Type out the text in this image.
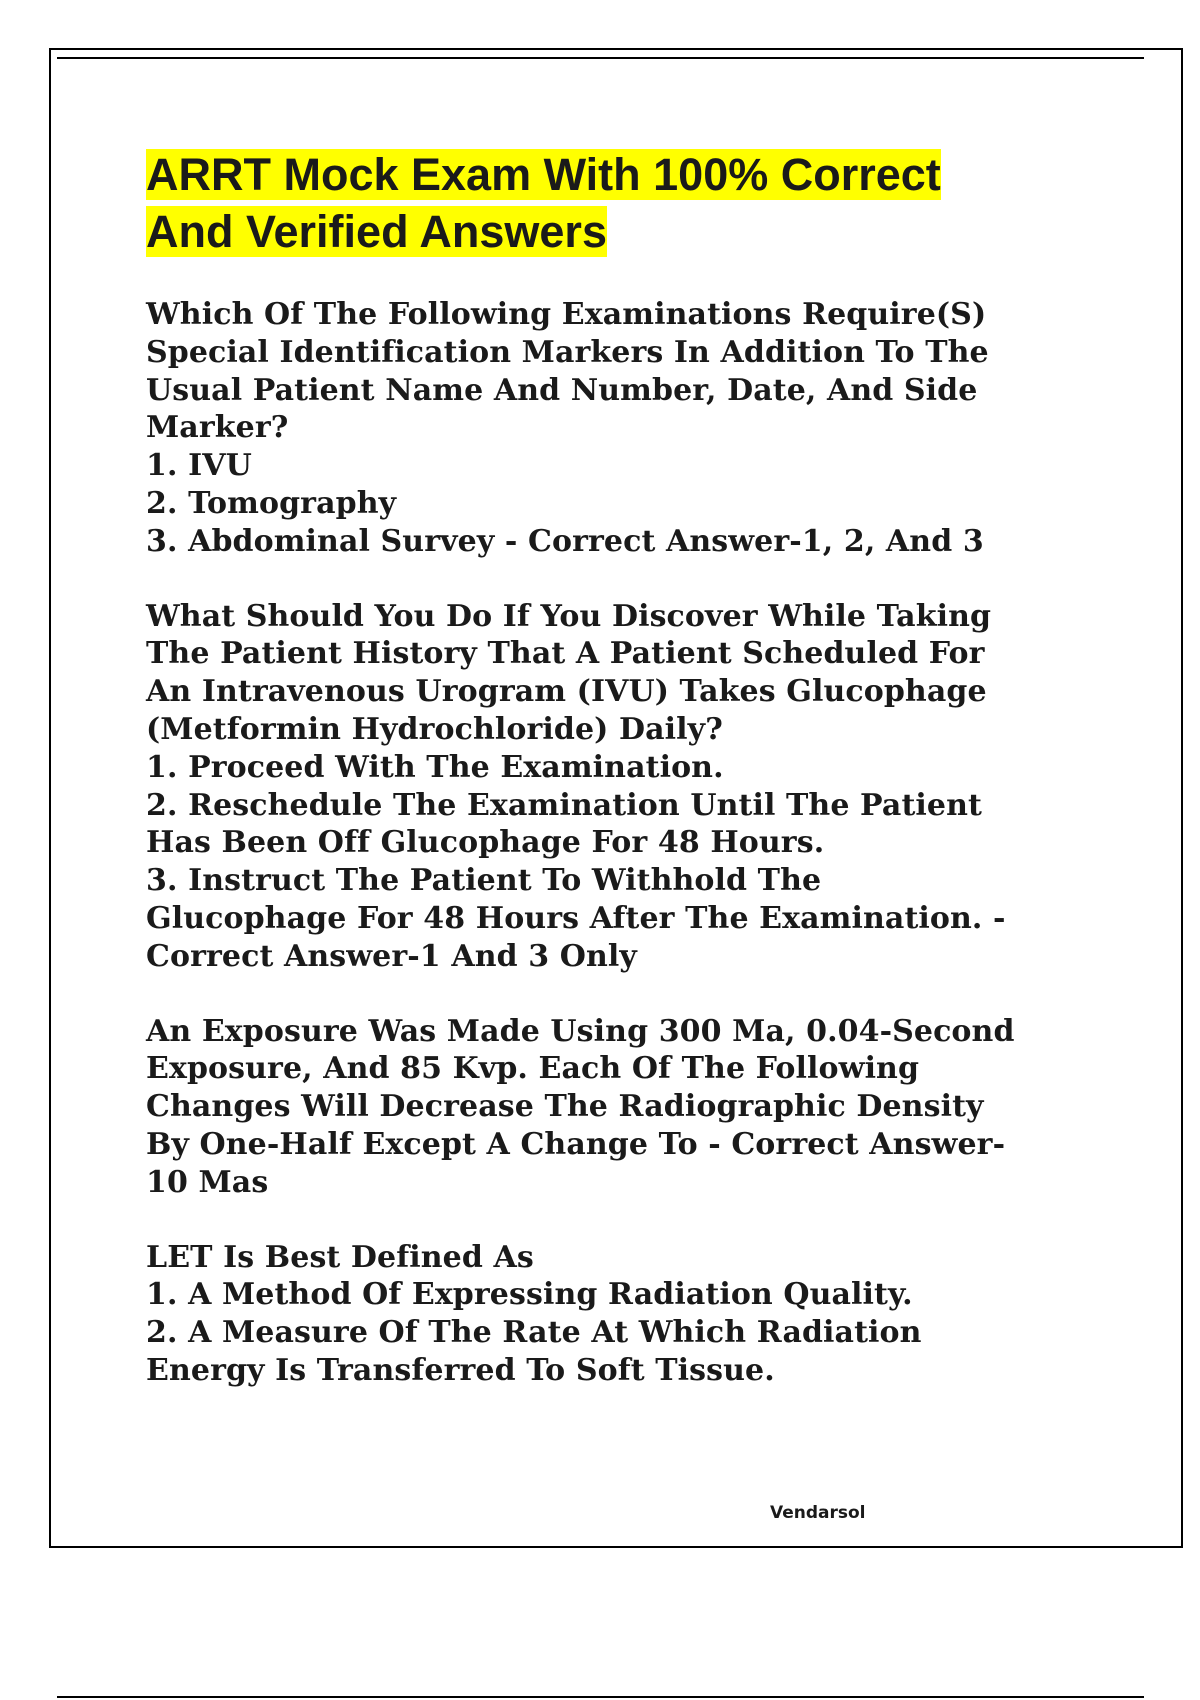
ARRT Mock Exam With 100% Correct
And Verified Answers
Which Of The Following Examinations Require(S)
Special Identification Markers In Addition To The
Usual Patient Name And Number, Date, And Side
Marker?
1. IVU
2. Tomography
3. Abdominal Survey - Correct Answer-1, 2, And 3
What Should You Do If You Discover While Taking
The Patient History That A Patient Scheduled For
An Intravenous Urogram (IVU) Takes Glucophage
(Metformin Hydrochloride) Daily?
1. Proceed With The Examination.
2. Reschedule The Examination Until The Patient
Has Been Off Glucophage For 48 Hours.
3. Instruct The Patient To Withhold The
Glucophage For 48 Hours After The Examination. -
Correct Answer-1 And 3 Only
An Exposure Was Made Using 300 Ma, 0.04-Second
Exposure, And 85 Kvp. Each Of The Following
Changes Will Decrease The Radiographic Density
By One-Half Except A Change To - Correct Answer-
10 Mas
LET Is Best Defined As
1. A Method Of Expressing Radiation Quality.
2. A Measure Of The Rate At Which Radiation
Energy Is Transferred To Soft Tissue.
Vendarsol
